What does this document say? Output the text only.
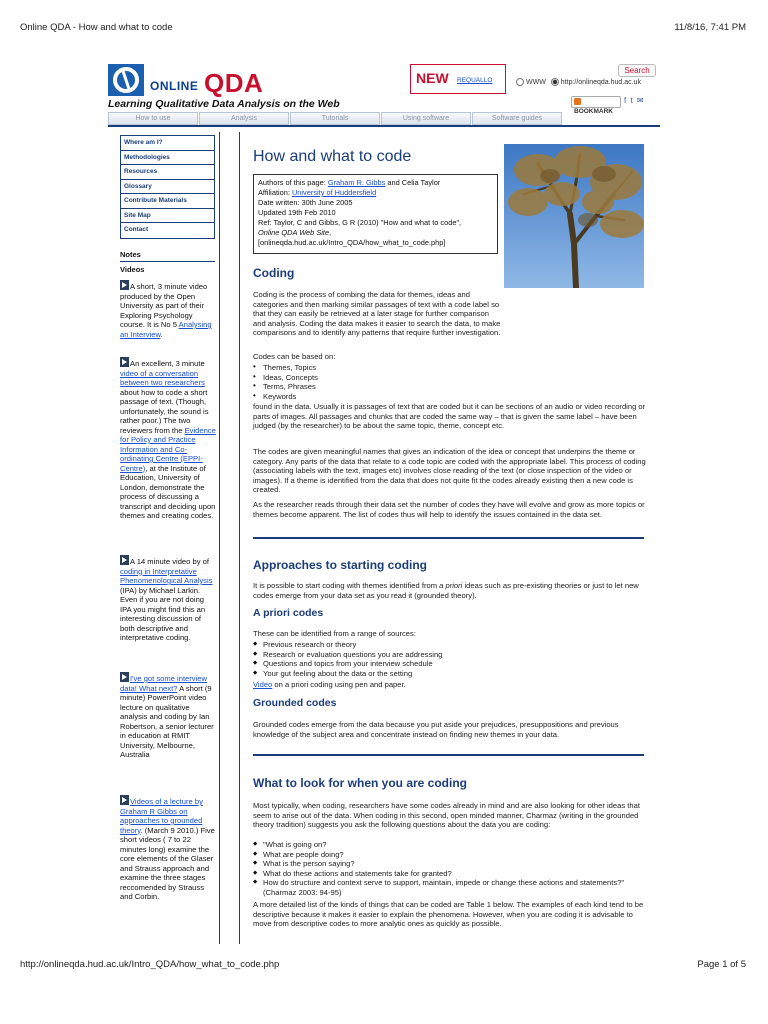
Online QDA - How and what to code	11/8/16, 7:41 PM
ONLINE QDA
Learning Qualitative Data Analysis on the Web
NEW REQUALLO
Search
WWW http://onlineqda.hud.ac.uk
BOOKMARK
f t ✉
How to use	Analysis	Tutorials	Using software	Software guides
Where am I?
Methodologies
Resources
Glossary
Contribute Materials
Site Map
Contact
Notes
Videos
A short, 3 minute video produced by the Open University as part of their Exploring Psychology course. It is No 5 Analysing an Interview.
An excellent, 3 minute video of a conversation between two researchers about how to code a short passage of text. (Though, unfortunately, the sound is rather poor.) The two reviewers from the Evidence for Policy and Practice Information and Co-ordinating Centre (EPPI-Centre), at the Institute of Education, University of London, demonstrate the process of discussing a transcript and deciding upon themes and creating codes.
A 14 minute video by of coding in Interpretative Phenomenological Analysis (IPA) by Michael Larkin. Even if you are not doing IPA you might find this an interesting discussion of both descriptive and interpretative coding.
I've got some interview data! What next? A short (9 minute) PowerPoint video lecture on qualitative analysis and coding by Ian Robertson, a senior lecturer in education at RMIT University, Melbourne, Australia
Videos of a lecture by Graham R Gibbs on approaches to grounded theory. (March 9 2010.) Five short videos ( 7 to 22 minutes long) examine the core elements of the Glaser and Strauss approach and examine the three stages reccomended by Strauss and Corbin.
How and what to code
Authors of this page: Graham R. Gibbs and Celia Taylor
Affiliation: University of Huddersfield
Date written: 30th June 2005
Updated 19th Feb 2010
Ref: Taylor, C and Gibbs, G R (2010) "How and what to code",
Online QDA Web Site,
[onlineqda.hud.ac.uk/Intro_QDA/how_what_to_code.php]
Coding
Coding is the process of combing the data for themes, ideas and categories and then marking similar passages of text with a code label so that they can easily be retrieved at a later stage for further comparison and analysis. Coding the data makes it easier to search the data, to make comparisons and to identify any patterns that require further investigation.
Codes can be based on:
• Themes, Topics
• Ideas, Concepts
• Terms, Phrases
• Keywords
found in the data. Usually it is passages of text that are coded but it can be sections of an audio or video recording or parts of images. All passages and chunks that are coded the same way – that is given the same label – have been judged (by the researcher) to be about the same topic, theme, concept etc.
The codes are given meaningful names that gives an indication of the idea or concept that underpins the theme or category. Any parts of the data that relate to a code topic are coded with the appropriate label. This process of coding (associating labels with the text, images etc) involves close reading of the text (or close inspection of the video or images). If a theme is identified from the data that does not quite fit the codes already existing then a new code is created.
As the researcher reads through their data set the number of codes they have will evolve and grow as more topics or themes become apparent. The list of codes thus will help to identify the issues contained in the data set.
Approaches to starting coding
It is possible to start coding with themes identified from a priori ideas such as pre-existing theories or just to let new codes emerge from your data set as you read it (grounded theory).
A priori codes
These can be identified from a range of sources:
◆ Previous research or theory
◆ Research or evaluation questions you are addressing
◆ Questions and topics from your interview schedule
◆ Your gut feeling about the data or the setting
Video on a priori coding using pen and paper.
Grounded codes
Grounded codes emerge from the data because you put aside your prejudices, presuppositions and previous knowledge of the subject area and concentrate instead on finding new themes in your data.
What to look for when you are coding
Most typically, when coding, researchers have some codes already in mind and are also looking for other ideas that seem to arise out of the data. When coding in this second, open minded manner, Charmaz (writing in the grounded theory tradition) suggests you ask the following questions about the data you are coding:
◆ "What is going on?
◆ What are people doing?
◆ What is the person saying?
◆ What do these actions and statements take for granted?
◆ How do structure and context serve to support, maintain, impede or change these actions and statements?" (Charmaz 2003: 94-95)
A more detailed list of the kinds of things that can be coded are Table 1 below. The examples of each kind tend to be descriptive because it makes it easier to explain the phenomena. However, when you are coding it is advisable to move from descriptive codes to more analytic ones as quickly as possible.
http://onlineqda.hud.ac.uk/Intro_QDA/how_what_to_code.php	Page 1 of 5
